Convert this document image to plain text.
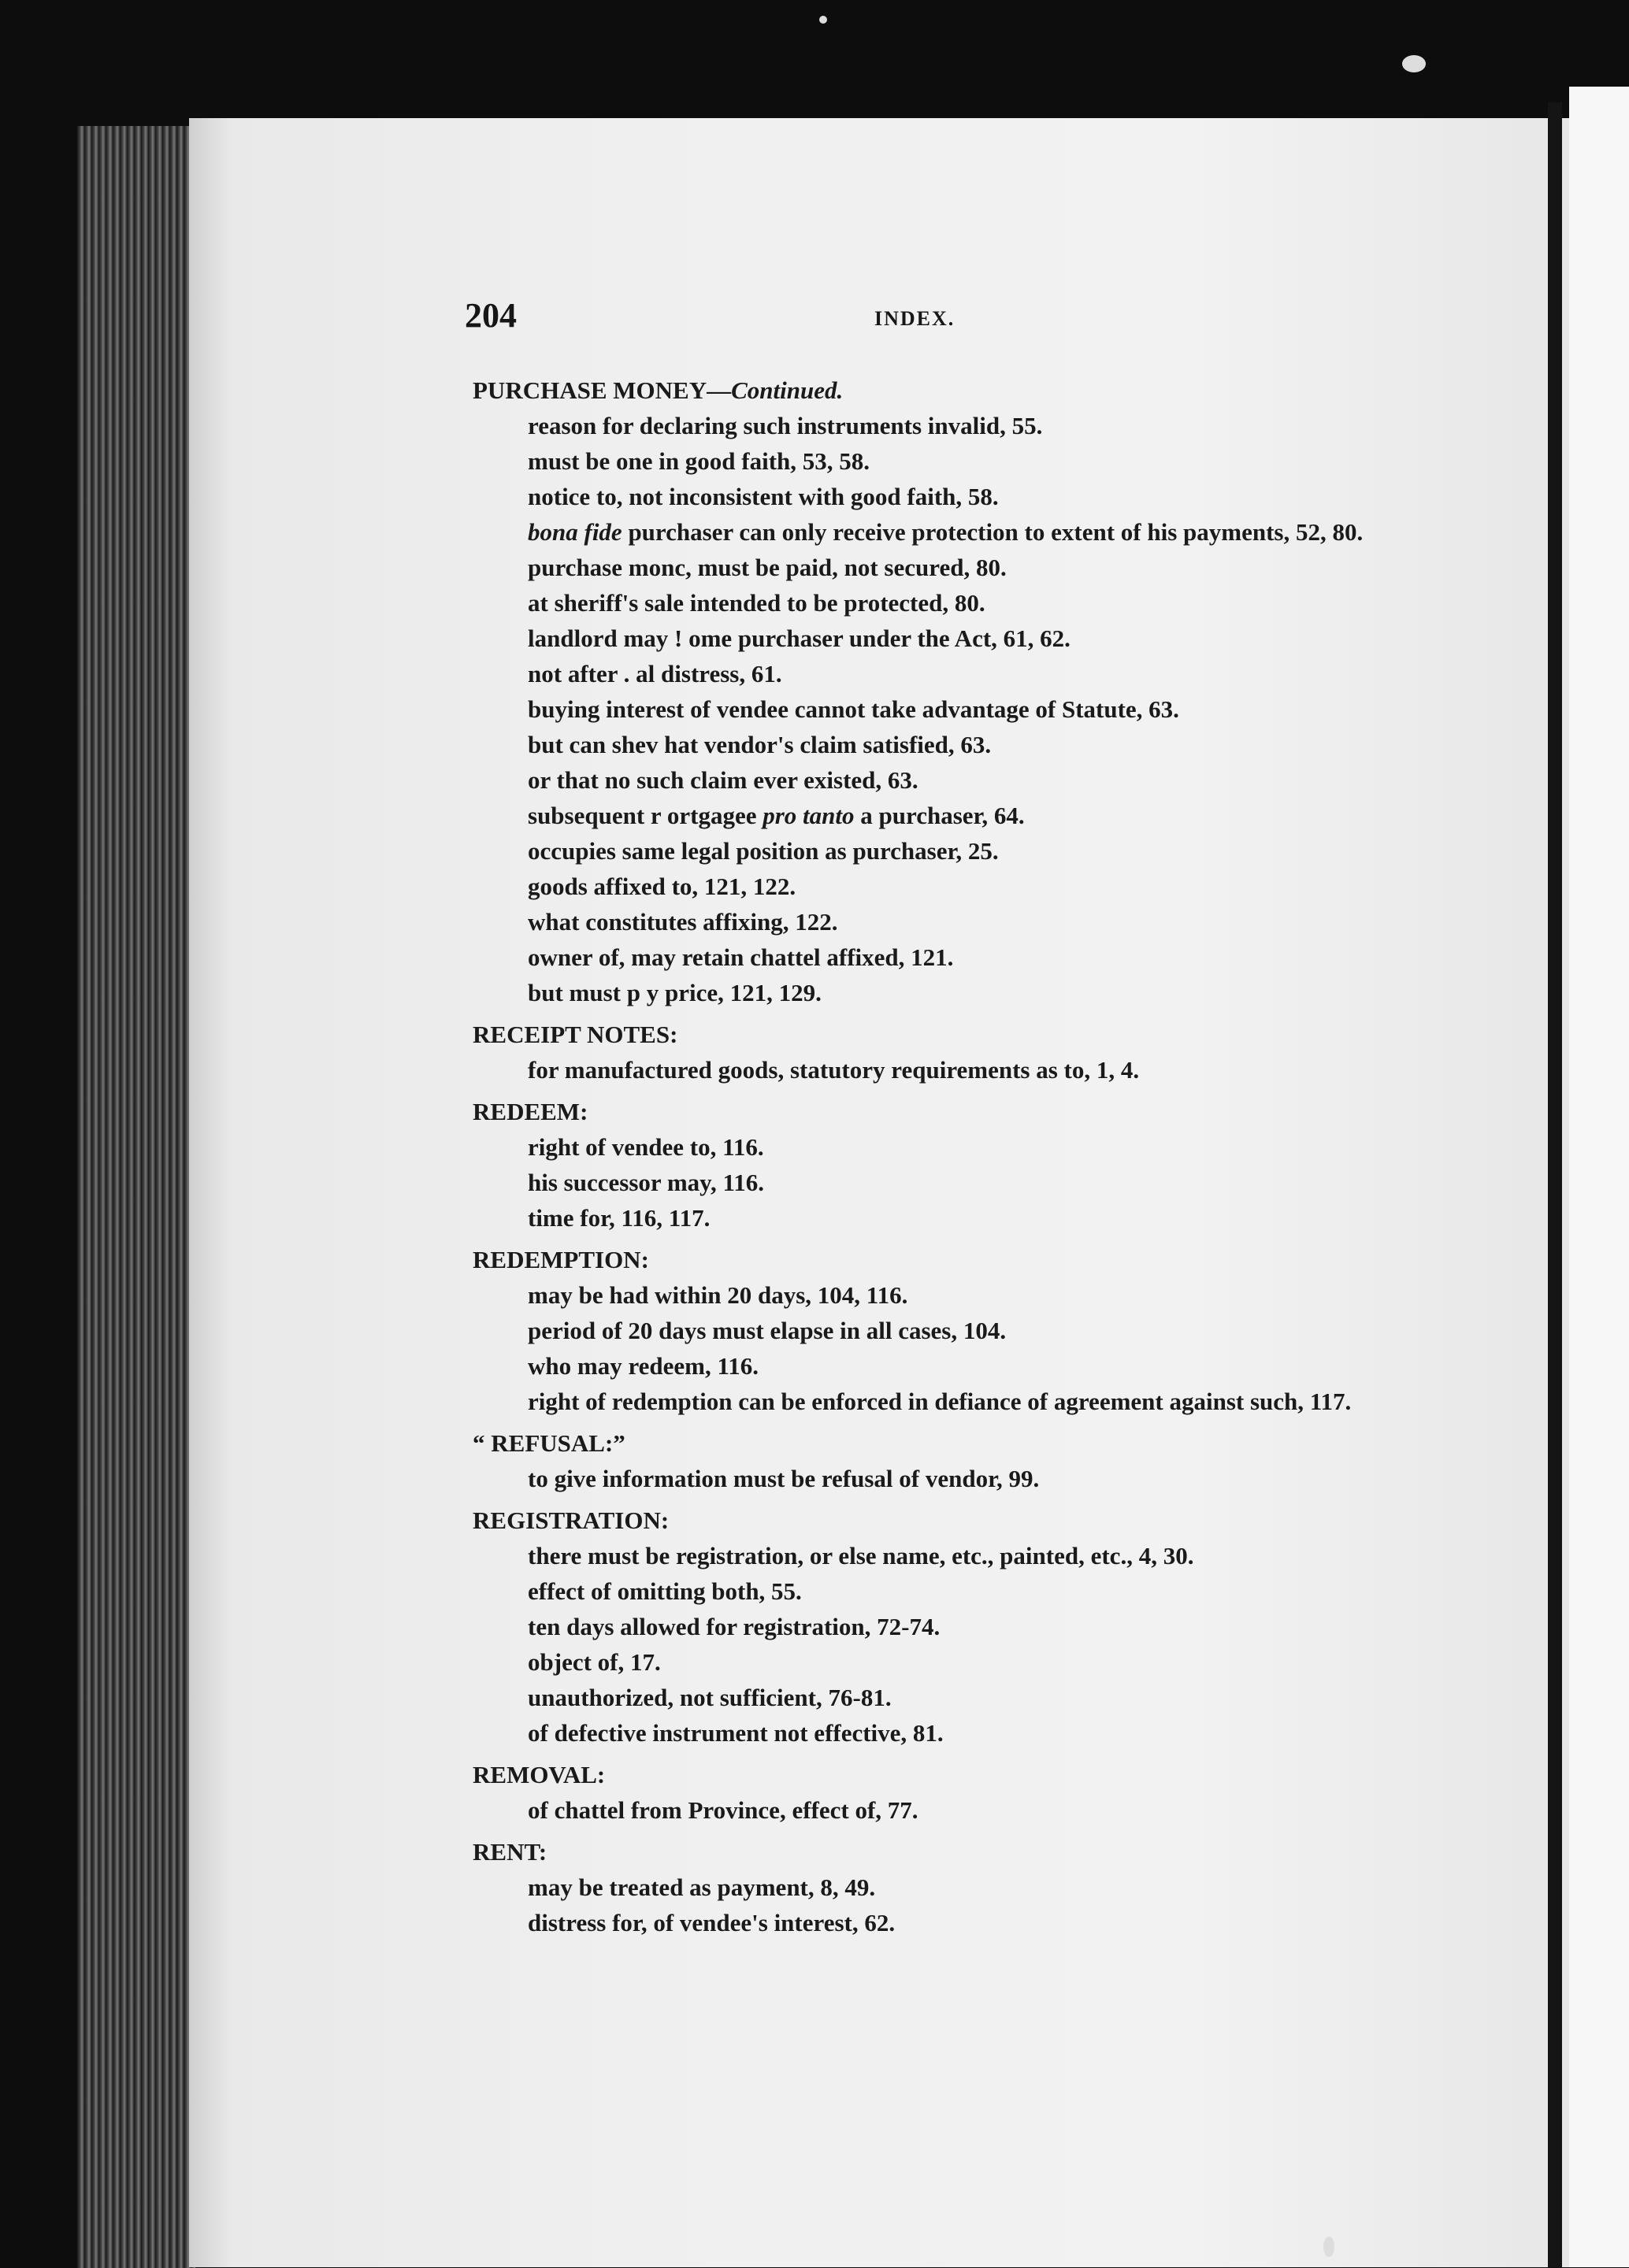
204	INDEX.
PURCHASE MONEY—Continued.
reason for declaring such instruments invalid, 55.
must be one in good faith, 53, 58.
notice to, not inconsistent with good faith, 58.
bona fide purchaser can only receive protection to extent of his payments, 52, 80.
purchase monc, must be paid, not secured, 80.
at sheriff's sale intended to be protected, 80.
landlord may ! ome purchaser under the Act, 61, 62.
not after . al distress, 61.
buying interest of vendee cannot take advantage of Statute, 63.
but can shev hat vendor's claim satisfied, 63.
or that no such claim ever existed, 63.
subsequent r ortgagee pro tanto a purchaser, 64.
occupies same legal position as purchaser, 25.
goods affixed to, 121, 122.
what constitutes affixing, 122.
owner of, may retain chattel affixed, 121.
but must p y price, 121, 129.
RECEIPT NOTES:
for manufactured goods, statutory requirements as to, 1, 4.
REDEEM:
right of vendee to, 116.
his successor may, 116.
time for, 116, 117.
REDEMPTION:
may be had within 20 days, 104, 116.
period of 20 days must elapse in all cases, 104.
who may redeem, 116.
right of redemption can be enforced in defiance of agreement against such, 117.
“ REFUSAL:”
to give information must be refusal of vendor, 99.
REGISTRATION:
there must be registration, or else name, etc., painted, etc., 4, 30.
effect of omitting both, 55.
ten days allowed for registration, 72-74.
object of, 17.
unauthorized, not sufficient, 76-81.
of defective instrument not effective, 81.
REMOVAL:
of chattel from Province, effect of, 77.
RENT:
may be treated as payment, 8, 49.
distress for, of vendee's interest, 62.
